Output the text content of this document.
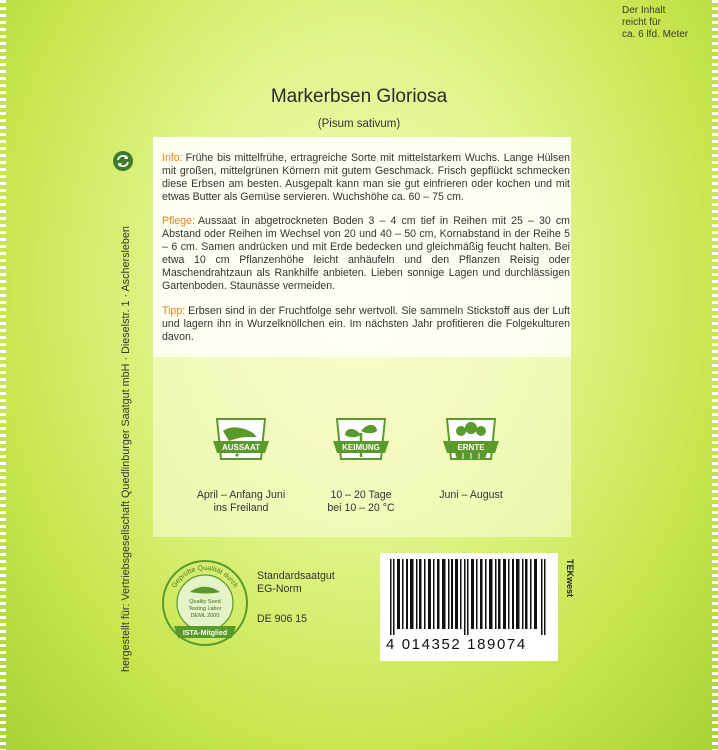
Der Inhalt
reicht für
ca. 6 lfd. Meter
Markerbsen Gloriosa
(Pisum sativum)
Info: Frühe bis mittelfrühe, ertragreiche Sorte mit mittelstarkem Wuchs. Lange Hülsen mit großen, mittelgrünen Körnern mit gutem Geschmack. Frisch gepflückt schmecken diese Erbsen am besten. Ausgepalt kann man sie gut einfrieren oder kochen und mit etwas Butter als Gemüse servieren. Wuchshöhe ca. 60 – 75 cm.
Pflege: Aussaat in abgetrockneten Boden 3 – 4 cm tief in Reihen mit 25 – 30 cm Abstand oder Reihen im Wechsel von 20 und 40 – 50 cm, Kornabstand in der Reihe 5 – 6 cm. Samen andrücken und mit Erde bedecken und gleichmäßig feucht halten. Bei etwa 10 cm Pflanzenhöhe leicht anhäufeln und den Pflanzen Reisig oder Maschendrahtzaun als Rankhilfe anbieten. Lieben sonnige Lagen und durchlässigen Gartenboden. Staunässe vermeiden.
Tipp: Erbsen sind in der Fruchtfolge sehr wertvoll. Sie sammeln Stickstoff aus der Luft und lagern ihn in Wurzelknöllchen ein. Im nächsten Jahr profitieren die Folgekulturen davon.
hergestellt für: Vertriebsgesellschaft Quedlinburger Saatgut mbH · Dieselstr. 1 · Aschersleben	AUSSAAT
April – Anfang Juni
ins Freiland
KEIMUNG
10 – 20 Tage
bei 10 – 20 °C
ERNTE
Juni – August
Geprüfte Qualität durch
Quality Seed
Testing Labor
DEML 2000
ISTA-Mitglied
Standardsaatgut
EG-Norm
DE 906 15
4 014352 189074
TEKwest
